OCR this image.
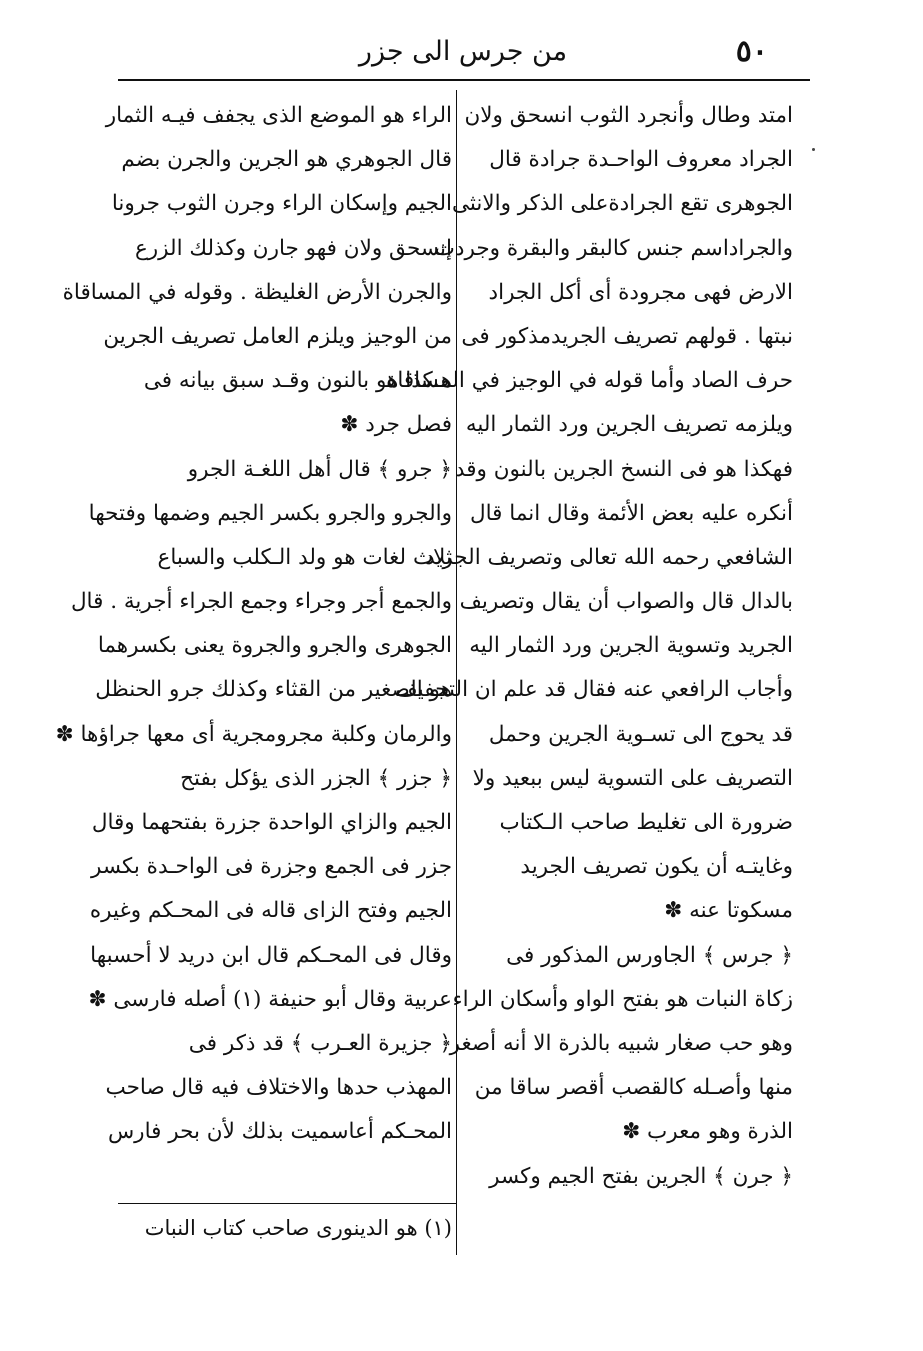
٥٠
من جرس الى جزر
امتد وطال وأنجرد الثوب انسحق ولان
الجراد معروف الواحـدة جرادة قال
الجوهرى تقع الجرادةعلى الذكر والانثى
والجراداسم جنس كالبقر والبقرة وجردت
الارض فهى مجرودة أى أكل الجراد
نبتها . قولهم تصريف الجريدمذكور فى
حرف الصاد وأما قوله في الوجيز في المساقاة
ويلزمه تصريف الجرين ورد الثمار اليه
فهكذا هو فى النسخ الجرين بالنون وقد
أنكره عليه بعض الأئمة وقال انما قال
الشافعي رحمه الله تعالى وتصريف الجريد
بالدال قال والصواب أن يقال وتصريف
الجريد وتسوية الجرين ورد الثمار اليه
وأجاب الرافعي عنه فقال قد علم ان التجفيف
قد يحوج الى تسـوية الجرين وحمل
التصريف على التسوية ليس ببعيد ولا
ضرورة الى تغليط صاحب الـكتاب
وغايتـه أن يكون تصريف الجريد
مسكوتا عنه ✽
﴿ جرس ﴾ الجاورس المذكور فى
زكاة النبات هو بفتح الواو وأسكان الراء
وهو حب صغار شبيه بالذرة الا أنه أصغر
منها وأصـله كالقصب أقصر ساقا من
الذرة وهو معرب ✽
﴿ جرن ﴾ الجرين بفتح الجيم وكسر
الراء هو الموضع الذى يجفف فيـه الثمار
قال الجوهري هو الجرين والجرن بضم
الجيم وإسكان الراء وجرن الثوب جرونا
إنسحق ولان فهو جارن وكذلك الزرع
والجرن الأرض الغليظة . وقوله في المساقاة
من الوجيز ويلزم العامل تصريف الجرين
هـكذا هو بالنون وقـد سبق بيانه فى
فصل جرد ✽
﴿ جرو ﴾ قال أهل اللغـة الجرو
والجرو والجرو بكسر الجيم وضمها وفتحها
ثلاث لغات هو ولد الـكلب والسباع
والجمع أجر وجراء وجمع الجراء أجرية . قال
الجوهرى والجرو والجروة يعنى بكسرهما
هو الصغير من القثاء وكذلك جرو الحنظل
والرمان وكلبة مجرومجرية أى معها جراؤها ✽
﴿ جزر ﴾ الجزر الذى يؤكل بفتح
الجيم والزاي الواحدة جزرة بفتحهما وقال
جزر فى الجمع وجزرة فى الواحـدة بكسر
الجيم وفتح الزاى قاله فى المحـكم وغيره
وقال فى المحـكم قال ابن دريد لا أحسبها
عربية وقال أبو حنيفة (١) أصله فارسى ✽
﴿ جزيرة العـرب ﴾ قد ذكر فى
المهذب حدها والاختلاف فيه قال صاحب
المحـكم أعاسميت بذلك لأن بحر فارس
(١) هو الدينورى صاحب كتاب النبات
